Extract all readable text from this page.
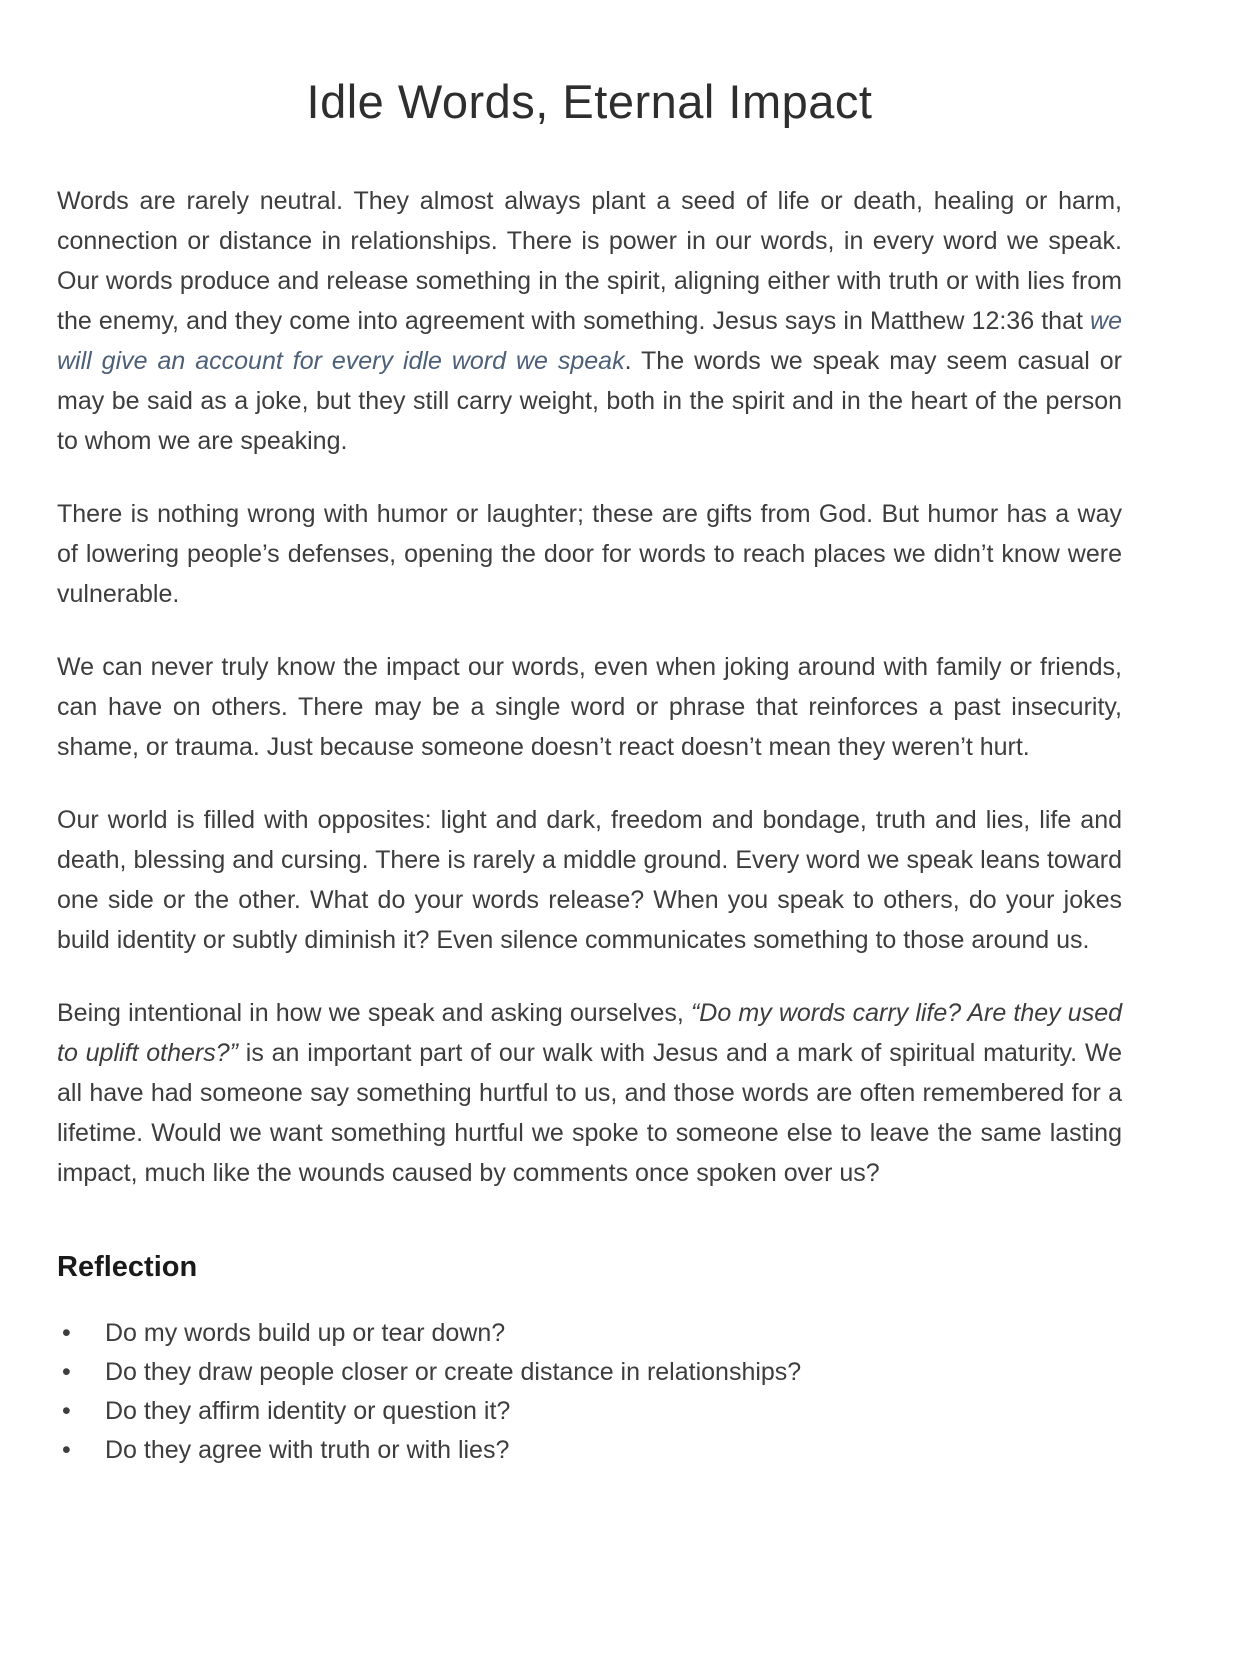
Idle Words, Eternal Impact

Words are rarely neutral. They almost always plant a seed of life or death, healing or harm, connection or distance in relationships. There is power in our words, in every word we speak. Our words produce and release something in the spirit, aligning either with truth or with lies from the enemy, and they come into agreement with something. Jesus says in Matthew 12:36 that we will give an account for every idle word we speak. The words we speak may seem casual or may be said as a joke, but they still carry weight, both in the spirit and in the heart of the person to whom we are speaking.

There is nothing wrong with humor or laughter; these are gifts from God. But humor has a way of lowering people’s defenses, opening the door for words to reach places we didn’t know were vulnerable.

We can never truly know the impact our words, even when joking around with family or friends, can have on others. There may be a single word or phrase that reinforces a past insecurity, shame, or trauma. Just because someone doesn’t react doesn’t mean they weren’t hurt.

Our world is filled with opposites: light and dark, freedom and bondage, truth and lies, life and death, blessing and cursing. There is rarely a middle ground. Every word we speak leans toward one side or the other. What do your words release? When you speak to others, do your jokes build identity or subtly diminish it? Even silence communicates something to those around us.

Being intentional in how we speak and asking ourselves, “Do my words carry life? Are they used to uplift others?” is an important part of our walk with Jesus and a mark of spiritual maturity. We all have had someone say something hurtful to us, and those words are often remembered for a lifetime. Would we want something hurtful we spoke to someone else to leave the same lasting impact, much like the wounds caused by comments once spoken over us?

Reflection
• Do my words build up or tear down?
• Do they draw people closer or create distance in relationships?
• Do they affirm identity or question it?
• Do they agree with truth or with lies?
